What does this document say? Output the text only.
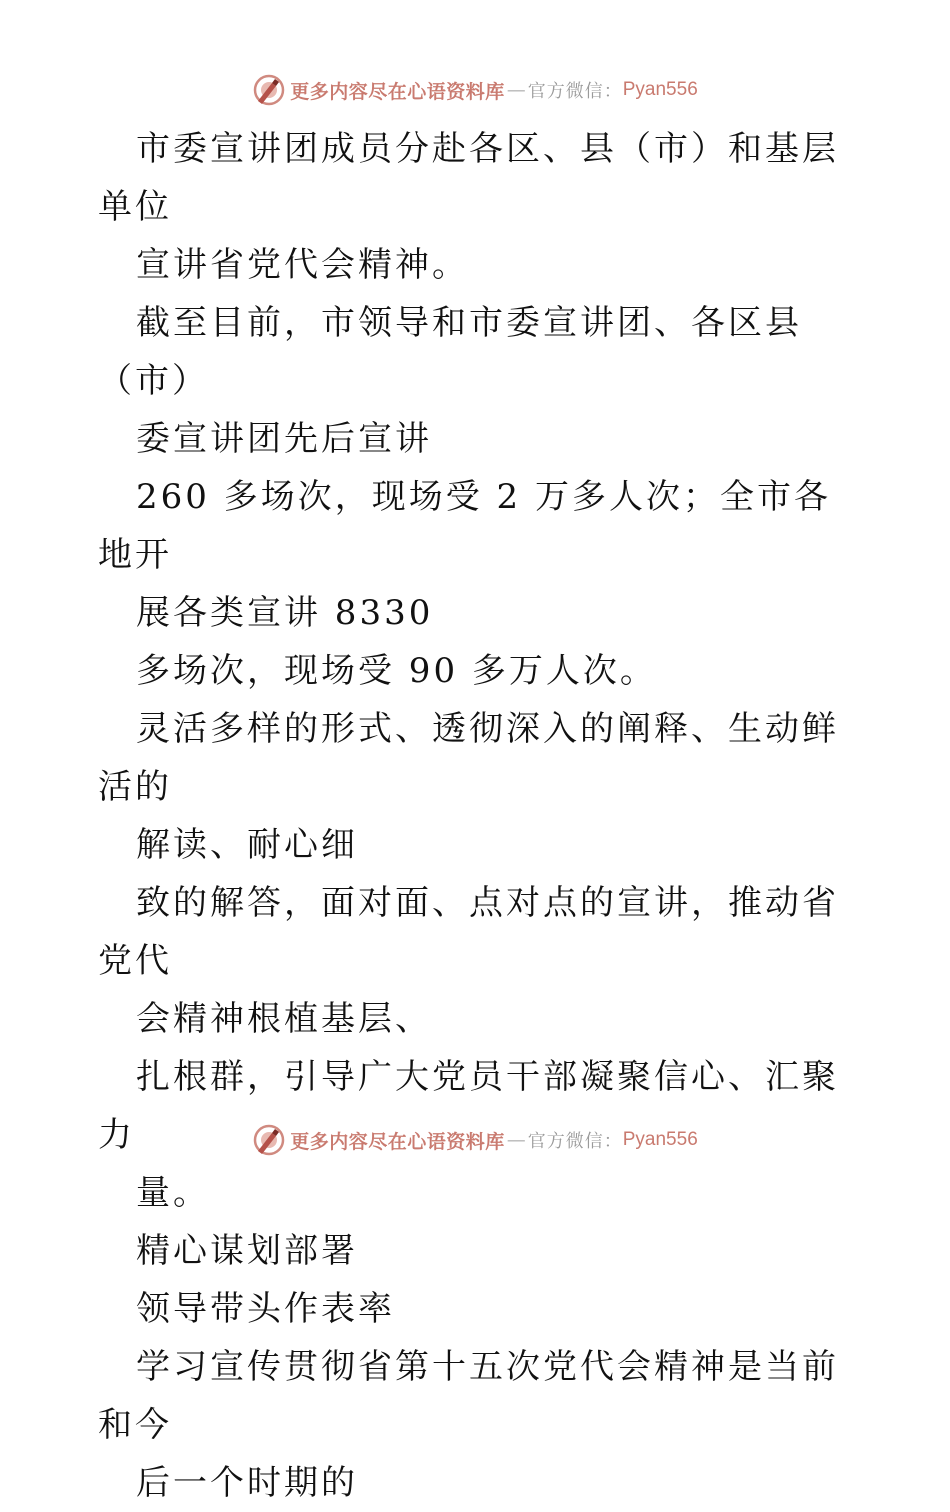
更多内容尽在心语资料库 — 官方微信： Pyan556

市委宣讲团成员分赴各区、县（市）和基层单位
宣讲省党代会精神。

截至目前，市领导和市委宣讲团、各区县（市）
委宣讲团先后宣讲

260 多场次，现场受 2 万多人次；全市各地开
展各类宣讲 8330

多场次，现场受 90 多万人次。

灵活多样的形式、透彻深入的阐释、生动鲜活的
解读、耐心细

致的解答，面对面、点对点的宣讲，推动省党代
会精神根植基层、

扎根群，引导广大党员干部凝聚信心、汇聚力
量。

精心谋划部署

领导带头作表率

学习宣传贯彻省第十五次党代会精神是当前和今
后一个时期的

更多内容尽在心语资料库 — 官方微信： Pyan556
